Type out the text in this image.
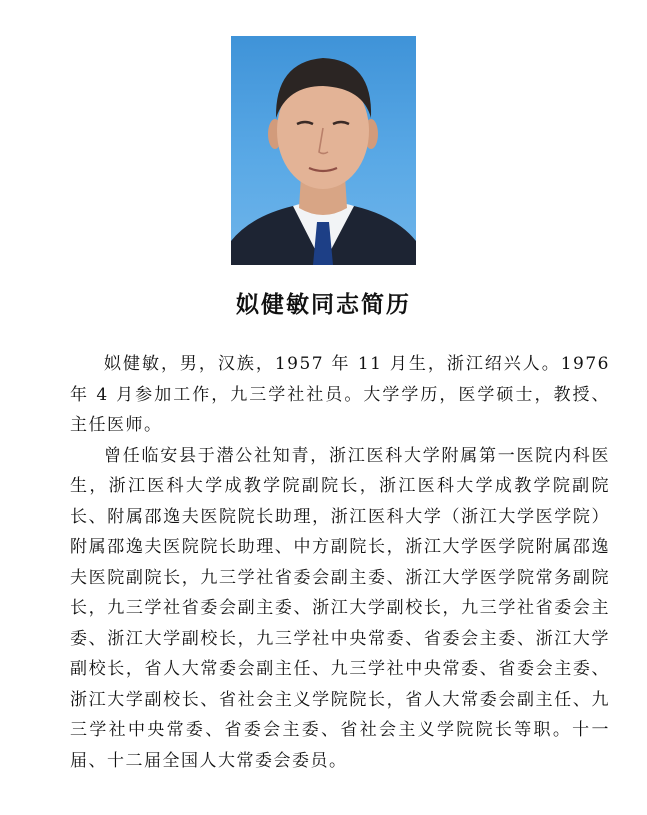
姒健敏同志简历

姒健敏，男，汉族，1957 年 11 月生，浙江绍兴人。1976 年 4 月参加工作，九三学社社员。大学学历，医学硕士，教授、主任医师。

曾任临安县于潜公社知青，浙江医科大学附属第一医院内科医生，浙江医科大学成教学院副院长，浙江医科大学成教学院副院长、附属邵逸夫医院院长助理，浙江医科大学（浙江大学医学院）附属邵逸夫医院院长助理、中方副院长，浙江大学医学院附属邵逸夫医院副院长，九三学社省委会副主委、浙江大学医学院常务副院长，九三学社省委会副主委、浙江大学副校长，九三学社省委会主委、浙江大学副校长，九三学社中央常委、省委会主委、浙江大学副校长，省人大常委会副主任、九三学社中央常委、省委会主委、浙江大学副校长、省社会主义学院院长，省人大常委会副主任、九三学社中央常委、省委会主委、省社会主义学院院长等职。十一届、十二届全国人大常委会委员。
